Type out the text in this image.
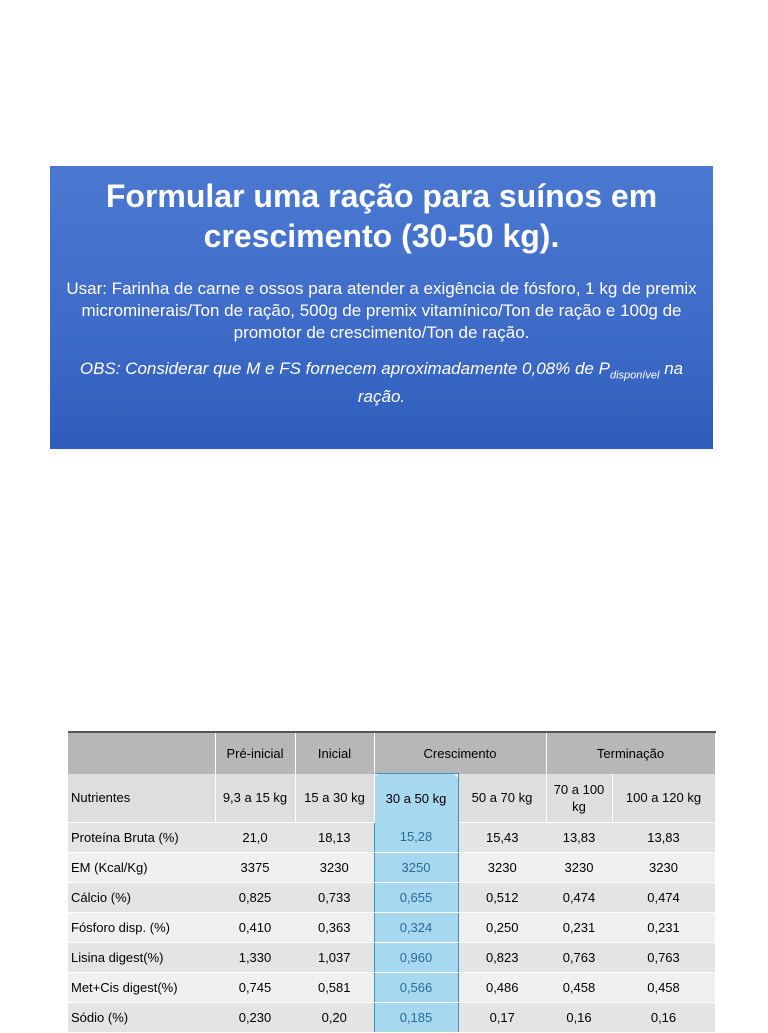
Formular uma ração para suínos em crescimento (30-50 kg).

Usar: Farinha de carne e ossos para atender a exigência de fósforo, 1 kg de premix microminerais/Ton de ração, 500g de premix vitamínico/Ton de ração e 100g de promotor de crescimento/Ton de ração.

OBS: Considerar que M e FS fornecem aproximadamente 0,08% de $P_{disponível}$ na ração.

	Pré-inicial	Inicial	Crescimento		Terminação	
Nutrientes	9,3 a 15 kg	15 a 30 kg	30 a 50 kg	50 a 70 kg	70 a 100 kg	100 a 120 kg
Proteína Bruta (%)	21,0	18,13	15,28	15,43	13,83	13,83
EM (Kcal/Kg)	3375	3230	3250	3230	3230	3230
Cálcio (%)	0,825	0,733	0,655	0,512	0,474	0,474
Fósforo disp. (%)	0,410	0,363	0,324	0,250	0,231	0,231
Lisina digest(%)	1,330	1,037	0,960	0,823	0,763	0,763
Met+Cis digest(%)	0,745	0,581	0,566	0,486	0,458	0,458
Sódio (%)	0,230	0,20	0,185	0,17	0,16	0,16
